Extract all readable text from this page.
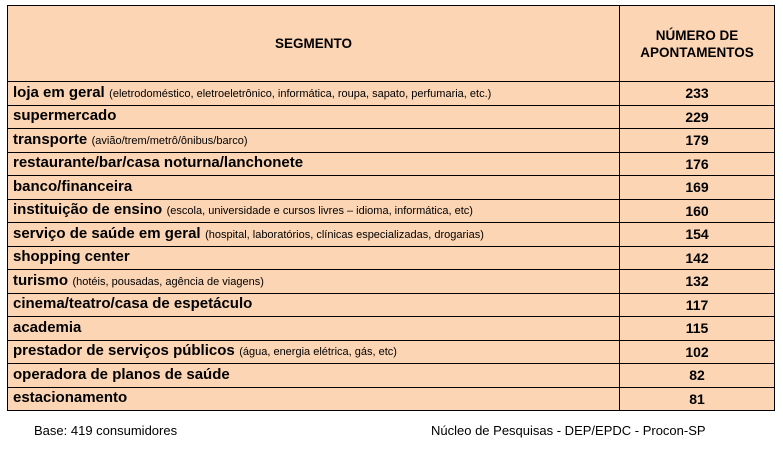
SEGMENTO	NÚMERO DE
APONTAMENTOS
loja em geral (eletrodoméstico, eletroeletrônico, informática, roupa, sapato, perfumaria, etc.)	233
supermercado	229
transporte (avião/trem/metrô/ônibus/barco)	179
restaurante/bar/casa noturna/lanchonete	176
banco/financeira	169
instituição de ensino (escola, universidade e cursos livres – idioma, informática, etc)	160
serviço de saúde em geral (hospital, laboratórios, clínicas especializadas, drogarias)	154
shopping center	142
turismo (hotéis, pousadas, agência de viagens)	132
cinema/teatro/casa de espetáculo	117
academia	115
prestador de serviços públicos (água, energia elétrica, gás, etc)	102
operadora de planos de saúde	82
estacionamento	81
Base: 419 consumidores	Núcleo de Pesquisas - DEP/EPDC - Procon-SP
